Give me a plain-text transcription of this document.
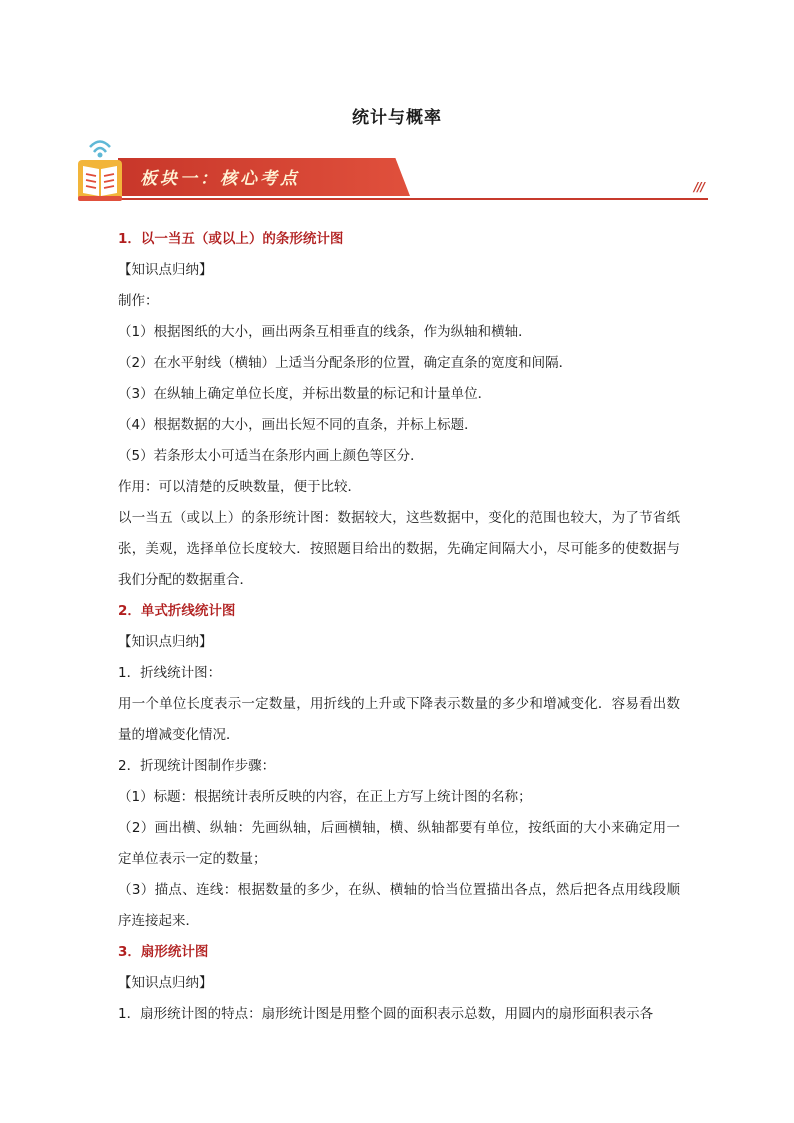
统计与概率
板块一：核心考点	///

1．以一当五（或以上）的条形统计图

【知识点归纳】

制作：

（1）根据图纸的大小，画出两条互相垂直的线条，作为纵轴和横轴．

（2）在水平射线（横轴）上适当分配条形的位置，确定直条的宽度和间隔．

（3）在纵轴上确定单位长度，并标出数量的标记和计量单位．

（4）根据数据的大小，画出长短不同的直条，并标上标题．

（5）若条形太小可适当在条形内画上颜色等区分．

作用：可以清楚的反映数量，便于比较．

以一当五（或以上）的条形统计图：数据较大，这些数据中，变化的范围也较大，为了节省纸张，美观，选择单位长度较大．按照题目给出的数据，先确定间隔大小，尽可能多的使数据与我们分配的数据重合．

2．单式折线统计图

【知识点归纳】

1．折线统计图：

用一个单位长度表示一定数量，用折线的上升或下降表示数量的多少和增减变化．容易看出数量的增减变化情况．

2．折现统计图制作步骤：

（1）标题：根据统计表所反映的内容，在正上方写上统计图的名称；

（2）画出横、纵轴：先画纵轴，后画横轴，横、纵轴都要有单位，按纸面的大小来确定用一定单位表示一定的数量；

（3）描点、连线：根据数量的多少，在纵、横轴的恰当位置描出各点，然后把各点用线段顺序连接起来．

3．扇形统计图

【知识点归纳】

1．扇形统计图的特点：扇形统计图是用整个圆的面积表示总数，用圆内的扇形面积表示各
